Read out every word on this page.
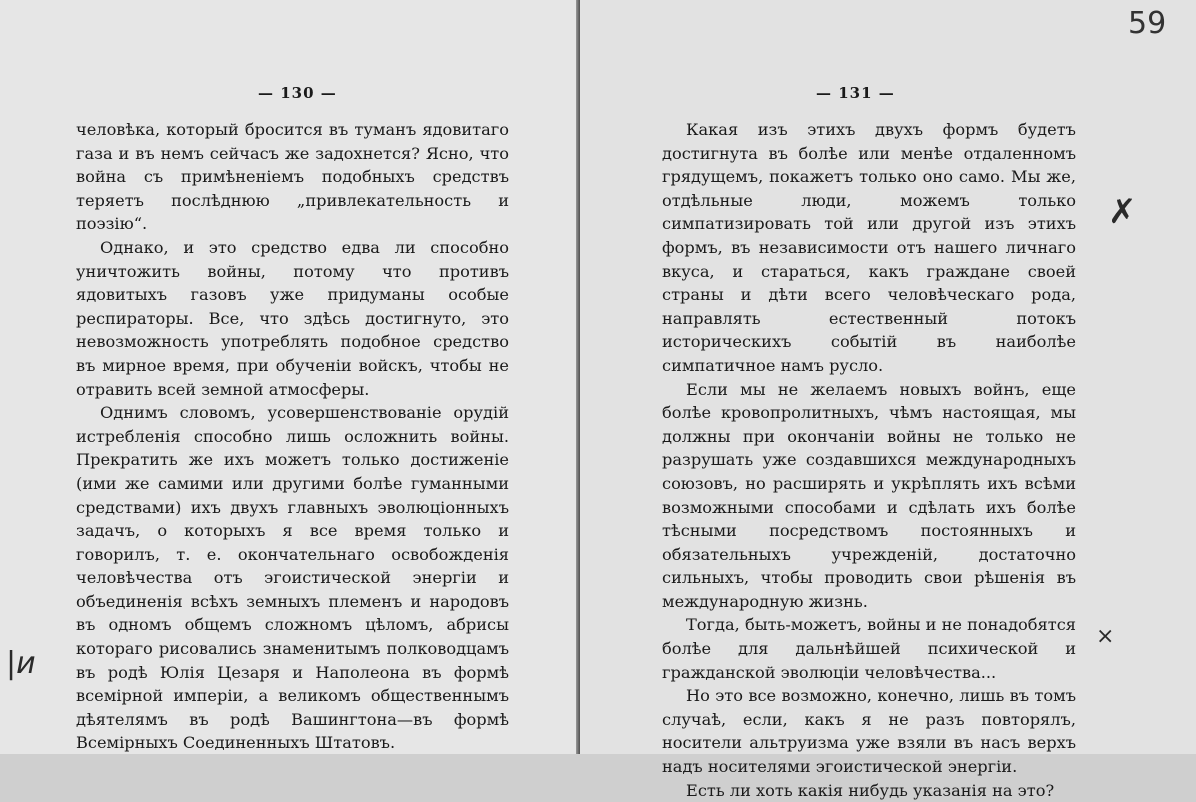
— 130 —

человѣка, который бросится въ туманъ ядовитаго газа и въ немъ сейчасъ же задохнется? Ясно, что война съ примѣненіемъ подобныхъ средствъ теряетъ послѣднюю „привлекательность и поэзію“.

Однако, и это средство едва ли способно уничтожить войны, потому что противъ ядовитыхъ газовъ уже придуманы особые респираторы. Все, что здѣсь достигнуто, это невозможность употреблять подобное средство въ мирное время, при обученіи войскъ, чтобы не отравить всей земной атмосферы.

Однимъ словомъ, усовершенствованіе орудій истребленія способно лишь осложнить войны. Прекратить же ихъ можетъ только достиженіе (ими же самими или другими болѣе гуманными средствами) ихъ двухъ главныхъ эволюціонныхъ задачъ, о которыхъ я все время только и говорилъ, т. е. окончательнаго освобожденія человѣчества отъ эгоистической энергіи и объединенія всѣхъ земныхъ племенъ и народовъ въ одномъ общемъ сложномъ цѣломъ, абрисы котораго рисовались знаменитымъ полководцамъ въ родѣ Юлія Цезаря и Наполеона въ формѣ всемірной имперіи, а великомъ общественнымъ дѣятелямъ въ родѣ Вашингтона—въ формѣ Всемірныхъ Соединенныхъ Штатовъ.

|и
— 131 —

Какая изъ этихъ двухъ формъ будетъ достигнута въ болѣе или менѣе отдаленномъ грядущемъ, покажетъ только оно само. Мы же, отдѣльные люди, можемъ только симпатизировать той или другой изъ этихъ формъ, въ независимости отъ нашего личнаго вкуса, и стараться, какъ граждане своей страны и дѣти всего человѣческаго рода, направлять естественный потокъ историческихъ событій въ наиболѣе симпатичное намъ русло.

Если мы не желаемъ новыхъ войнъ, еще болѣе кровопролитныхъ, чѣмъ настоящая, мы должны при окончаніи войны не только не разрушать уже создавшихся международныхъ союзовъ, но расширять и укрѣплять ихъ всѣми возможными способами и сдѣлать ихъ болѣе тѣсными посредствомъ постоянныхъ и обязательныхъ учрежденій, достаточно сильныхъ, чтобы проводить свои рѣшенія въ международную жизнь.

Тогда, быть-можетъ, войны и не понадобятся болѣе для дальнѣйшей психической и гражданской эволюціи человѣчества...

Но это все возможно, конечно, лишь въ томъ случаѣ, если, какъ я не разъ повторялъ, носители альтруизма уже взяли въ насъ верхъ надъ носителями эгоистической энергіи.

Есть ли хоть какія нибудь указанія на это?

59
✗
⨯
